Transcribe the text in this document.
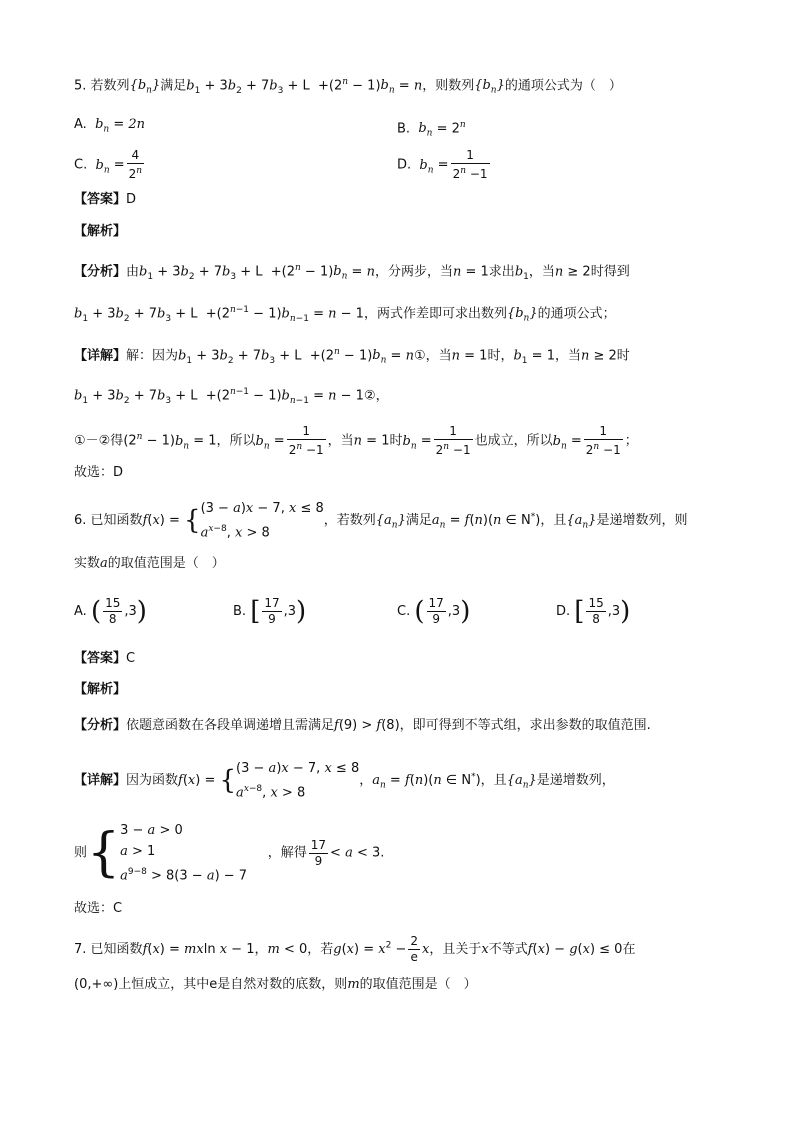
5. 若数列$\{b_n\}$满足$b_1 + 3b_2 + 7b_3 + L +(2^n - 1)b_n = n$，则数列$\{b_n\}$的通项公式为（　）
A. $b_n = 2n$	B. $b_n = 2^n$
C. $b_n = \frac{4}{2^n}$	D. $b_n = \frac{1}{2^n -1}$
【答案】D
【解析】
【分析】由$b_1 + 3b_2 + 7b_3 + L +(2^n - 1)b_n = n$，分两步，当n = 1求出$b_1$，当n ≥ 2时得到
$b_1 + 3b_2 + 7b_3 + L +(2^{n-1} - 1)b_{n-1} = n - 1$，两式作差即可求出数列$\{b_n\}$的通项公式；
【详解】解：因为$b_1 + 3b_2 + 7b_3 + L +(2^n - 1)b_n$ = n①，当n = 1时，$b_1 = 1$，当n ≥ 2时
$b_1 + 3b_2 + 7b_3 + L +(2^{n-1} - 1)b_{n-1} = n$ − 1②，
①－②得$(2^n - 1)b_n = 1$，所以$b_n = \frac{1}{2^n -1}$ ，当n = 1时$b_n = \frac{1}{2^n -1}$ 也成立，所以$b_n = \frac{1}{2^n -1}$ ；
故选：D
6. 已知函数f(x) = { (3 − a)x − 7, x ≤ 8
$a^{x-8}$, x > 8
，若数列$\{a_n\}$满足$a_n = f(n)(n$ ∈ N*)，且$\{a_n\}$是递增数列，则
实数a的取值范围是（　）
A. ( $\frac{15}{8} ,3$)	B. [ $\frac{17}{9} ,3$)	C. ( $\frac{17}{9} ,3$)	D. [ $\frac{15}{8} ,3$)
【答案】C
【解析】
【分析】依题意函数在各段单调递增且需满足f(9) > f(8)，即可得到不等式组，求出参数的取值范围.
【详解】因为函数f(x) = { (3 − a)x − 7, x ≤ 8
$a^{x-8}$, x > 8
，$a_n = f(n)(n$ ∈ N*)，且$\{a_n\}$是递增数列，
则{ 3 − a > 0
a > 1
$a^{9-8} > 8(3 - a) - 7$
，解得 $\frac{17}{9} < a < 3$.
故选：C
7. 已知函数f(x) = mxln x − 1，m < 0，若$g(x) = x^2 - \frac{2}{e}$ x，且关于x不等式f(x) − g(x) ≤ 0在
(0,+∞)上恒成立，其中e是自然对数的底数，则m的取值范围是（　）
